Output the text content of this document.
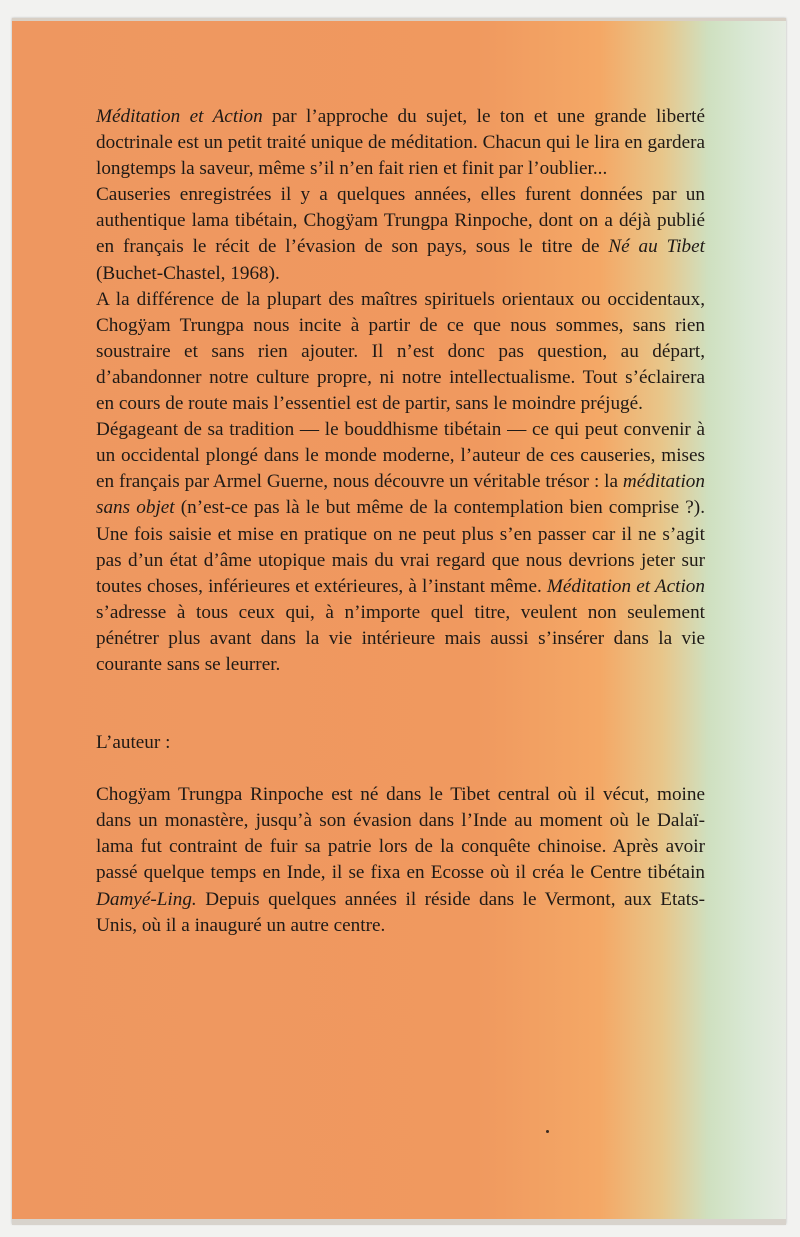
Méditation et Action par l’approche du sujet, le ton et une grande liberté doctrinale est un petit traité unique de méditation. Chacun qui le lira en gardera longtemps la saveur, même s’il n’en fait rien et finit par l’oublier...

Causeries enregistrées il y a quelques années, elles furent données par un authentique lama tibétain, Chogÿam Trungpa Rinpoche, dont on a déjà publié en français le récit de l’évasion de son pays, sous le titre de Né au Tibet (Buchet-Chastel, 1968).

A la différence de la plupart des maîtres spirituels orientaux ou occidentaux, Chogÿam Trungpa nous incite à partir de ce que nous sommes, sans rien soustraire et sans rien ajouter. Il n’est donc pas question, au départ, d’abandonner notre culture propre, ni notre intellectualisme. Tout s’éclairera en cours de route mais l’essentiel est de partir, sans le moindre préjugé.

Dégageant de sa tradition — le bouddhisme tibétain — ce qui peut convenir à un occidental plongé dans le monde moderne, l’auteur de ces causeries, mises en français par Armel Guerne, nous découvre un véritable trésor : la méditation sans objet (n’est-ce pas là le but même de la contemplation bien comprise ?). Une fois saisie et mise en pratique on ne peut plus s’en passer car il ne s’agit pas d’un état d’âme utopique mais du vrai regard que nous devrions jeter sur toutes choses, inférieures et extérieures, à l’instant même. Méditation et Action s’adresse à tous ceux qui, à n’importe quel titre, veulent non seulement pénétrer plus avant dans la vie intérieure mais aussi s’insérer dans la vie courante sans se leurrer.

L’auteur :

Chogÿam Trungpa Rinpoche est né dans le Tibet central où il vécut, moine dans un monastère, jusqu’à son évasion dans l’Inde au moment où le Dalaï-lama fut contraint de fuir sa patrie lors de la conquête chinoise. Après avoir passé quelque temps en Inde, il se fixa en Ecosse où il créa le Centre tibétain Damyé-Ling. Depuis quelques années il réside dans le Vermont, aux Etats-Unis, où il a inauguré un autre centre.
